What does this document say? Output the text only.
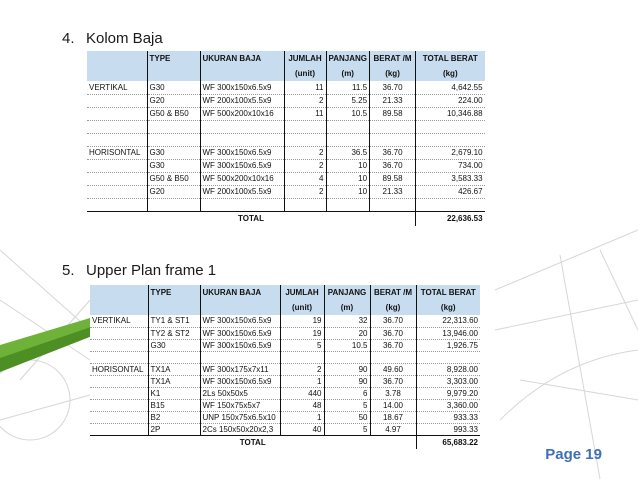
4. Kolom Baja
	TYPE	UKURAN BAJA	JUMLAH	PANJANG	BERAT /M	TOTAL BERAT
			(unit)	(m)	(kg)	(kg)
VERTIKAL	G30	WF 300x150x6.5x9	11	11.5	36.70	4,642.55
	G20	WF 200x100x5.5x9	2	5.25	21.33	224.00
	G50 & B50	WF 500x200x10x16	11	10.5	89.58	10,346.88

HORISONTAL	G30	WF 300x150x6.5x9	2	36.5	36.70	2,679.10
	G30	WF 300x150x6.5x9	2	10	36.70	734.00
	G50 & B50	WF 500x200x10x16	4	10	89.58	3,583.33
	G20	WF 200x100x5.5x9	2	10	21.33	426.67

TOTAL						22,636.53
5. Upper Plan frame 1
	TYPE	UKURAN BAJA	JUMLAH	PANJANG	BERAT /M	TOTAL BERAT
			(unit)	(m)	(kg)	(kg)
VERTIKAL	TY1 & ST1	WF 300x150x6.5x9	19	32	36.70	22,313.60
	TY2 & ST2	WF 300x150x6.5x9	19	20	36.70	13,946.00
	G30	WF 300x150x6.5x9	5	10.5	36.70	1,926.75

HORISONTAL	TX1A	WF 300x175x7x11	2	90	49.60	8,928.00
	TX1A	WF 300x150x6.5x9	1	90	36.70	3,303.00
	K1	2Ls 50x50x5	440	6	3.78	9,979.20
	B15	WF 150x75x5x7	48	5	14.00	3,360.00
	B2	UNP 150x75x6.5x10	1	50	18.67	933.33
	2P	2Cs 150x50x20x2,3	40	5	4.97	993.33
TOTAL						65,683.22
Page 19
